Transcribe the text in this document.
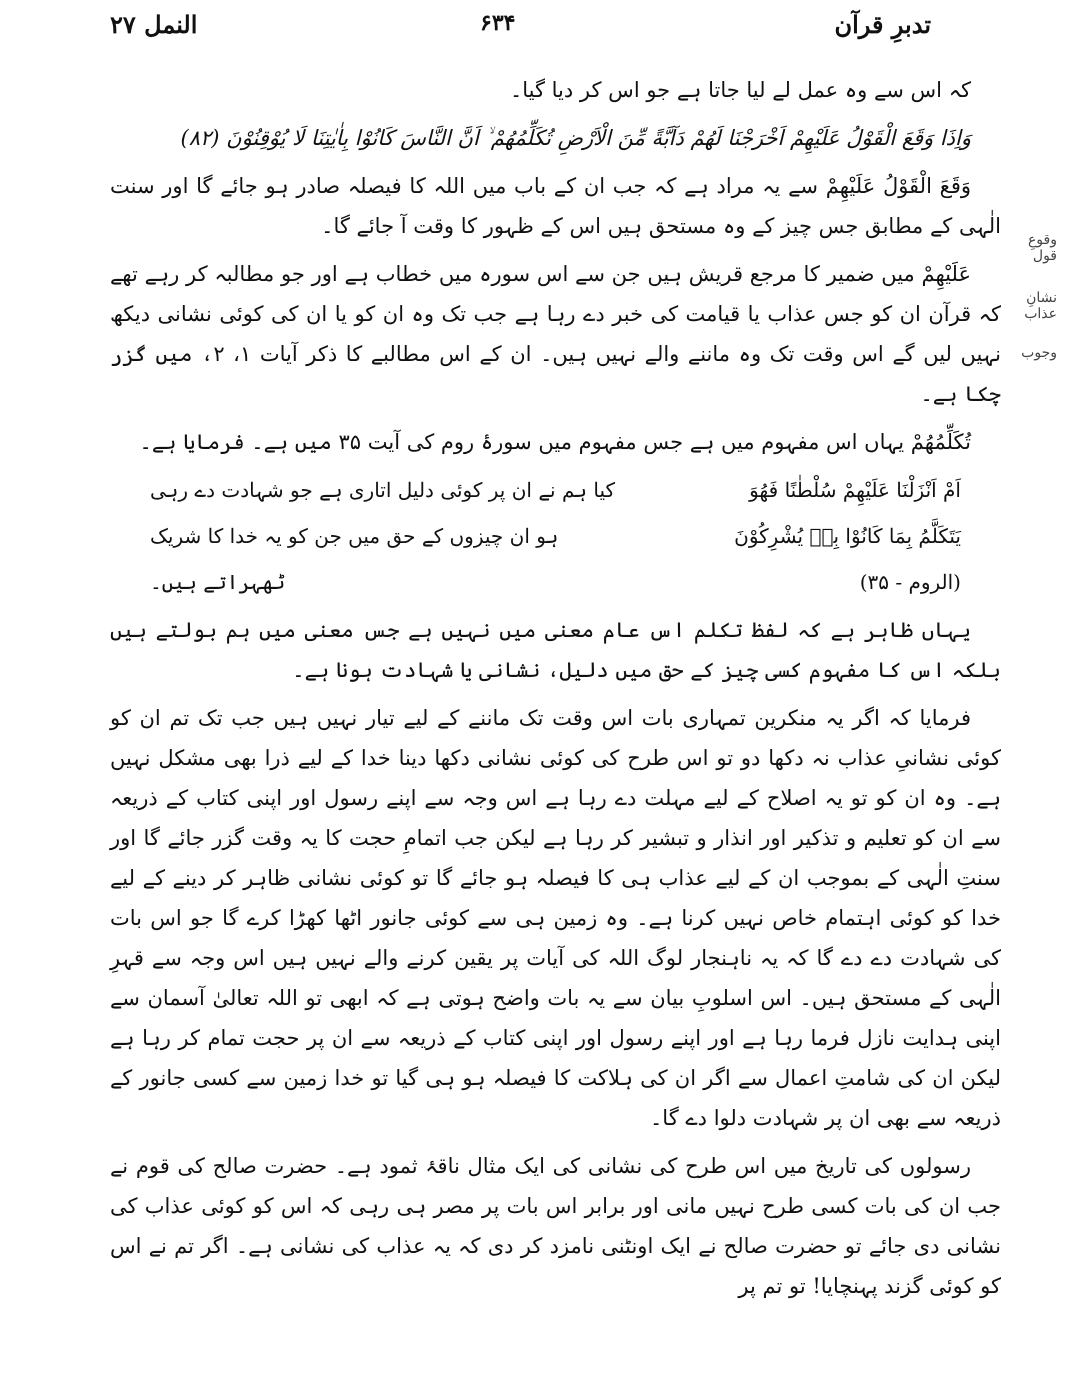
النمل ۲۷	۶۳۴	تدبرِ قرآن
وقوعِ قول
نشانِ عذاب
وجوب

کہ اس سے وہ عمل لے لیا جاتا ہے جو اس کر دیا گیا۔

وَاِذَا وَقَعَ الْقَوْلُ عَلَیْهِمْ اَخْرَجْنَا لَهُمْ دَآبَّةً مِّنَ الْاَرْضِ تُكَلِّمُهُمْ ۙ اَنَّ النَّاسَ كَانُوْا بِاٰیٰتِنَا لَا یُوْقِنُوْنَ (۸۲)

وَقَعَ الْقَوْلُ عَلَیْهِمْ سے یہ مراد ہے کہ جب ان کے باب میں اللہ کا فیصلہ صادر ہو جائے گا اور سنت الٰہی کے مطابق جس چیز کے وہ مستحق ہیں اس کے ظہور کا وقت آ جائے گا۔

عَلَیْهِمْ میں ضمیر کا مرجع قریش ہیں جن سے اس سورہ میں خطاب ہے اور جو مطالبہ کر رہے تھے کہ قرآن ان کو جس عذاب یا قیامت کی خبر دے رہا ہے جب تک وہ ان کو یا ان کی کوئی نشانی دیکھ نہیں لیں گے اس وقت تک وہ ماننے والے نہیں ہیں۔ ان کے اس مطالبے کا ذکر آیات ۱، ۲، میں گزر چکا ہے۔

تُكَلِّمُهُمْ یہاں اس مفہوم میں ہے جس مفہوم میں سورۂ روم کی آیت ۳۵ میں ہے۔ فرمایا ہے۔

اَمْ اَنْزَلْنَا عَلَیْهِمْ سُلْطٰنًا فَهُوَ
کیا ہم نے ان پر کوئی دلیل اتاری ہے جو شہادت دے رہی
یَتَكَلَّمُ بِمَا كَانُوْا بِهٖ یُشْرِكُوْنَ
ہو ان چیزوں کے حق میں جن کو یہ خدا کا شریک
(الروم - ۳۵)
ٹھہراتے ہیں۔

یہاں ظاہر ہے کہ لفظ تکلم اس عام معنی میں نہیں ہے جس معنی میں ہم بولتے ہیں بلکہ اس کا مفہوم کسی چیز کے حق میں دلیل، نشانی یا شہادت ہونا ہے۔

فرمایا کہ اگر یہ منکرین تمہاری بات اس وقت تک ماننے کے لیے تیار نہیں ہیں جب تک تم ان کو کوئی نشانیِ عذاب نہ دکھا دو تو اس طرح کی کوئی نشانی دکھا دینا خدا کے لیے ذرا بھی مشکل نہیں ہے۔ وہ ان کو تو یہ اصلاح کے لیے مہلت دے رہا ہے اس وجہ سے اپنے رسول اور اپنی کتاب کے ذریعہ سے ان کو تعلیم و تذکیر اور انذار و تبشیر کر رہا ہے لیکن جب اتمامِ حجت کا یہ وقت گزر جائے گا اور سنتِ الٰہی کے بموجب ان کے لیے عذاب ہی کا فیصلہ ہو جائے گا تو کوئی نشانی ظاہر کر دینے کے لیے خدا کو کوئی اہتمام خاص نہیں کرنا ہے۔ وہ زمین ہی سے کوئی جانور اٹھا کھڑا کرے گا جو اس بات کی شہادت دے دے گا کہ یہ ناہنجار لوگ اللہ کی آیات پر یقین کرنے والے نہیں ہیں اس وجہ سے قہرِ الٰہی کے مستحق ہیں۔ اس اسلوبِ بیان سے یہ بات واضح ہوتی ہے کہ ابھی تو اللہ تعالیٰ آسمان سے اپنی ہدایت نازل فرما رہا ہے اور اپنے رسول اور اپنی کتاب کے ذریعہ سے ان پر حجت تمام کر رہا ہے لیکن ان کی شامتِ اعمال سے اگر ان کی ہلاکت کا فیصلہ ہو ہی گیا تو خدا زمین سے کسی جانور کے ذریعہ سے بھی ان پر شہادت دلوا دے گا۔

رسولوں کی تاریخ میں اس طرح کی نشانی کی ایک مثال ناقۂ ثمود ہے۔ حضرت صالح کی قوم نے جب ان کی بات کسی طرح نہیں مانی اور برابر اس بات پر مصر ہی رہی کہ اس کو کوئی عذاب کی نشانی دی جائے تو حضرت صالح نے ایک اونٹنی نامزد کر دی کہ یہ عذاب کی نشانی ہے۔ اگر تم نے اس کو کوئی گزند پہنچایا! تو تم پر
